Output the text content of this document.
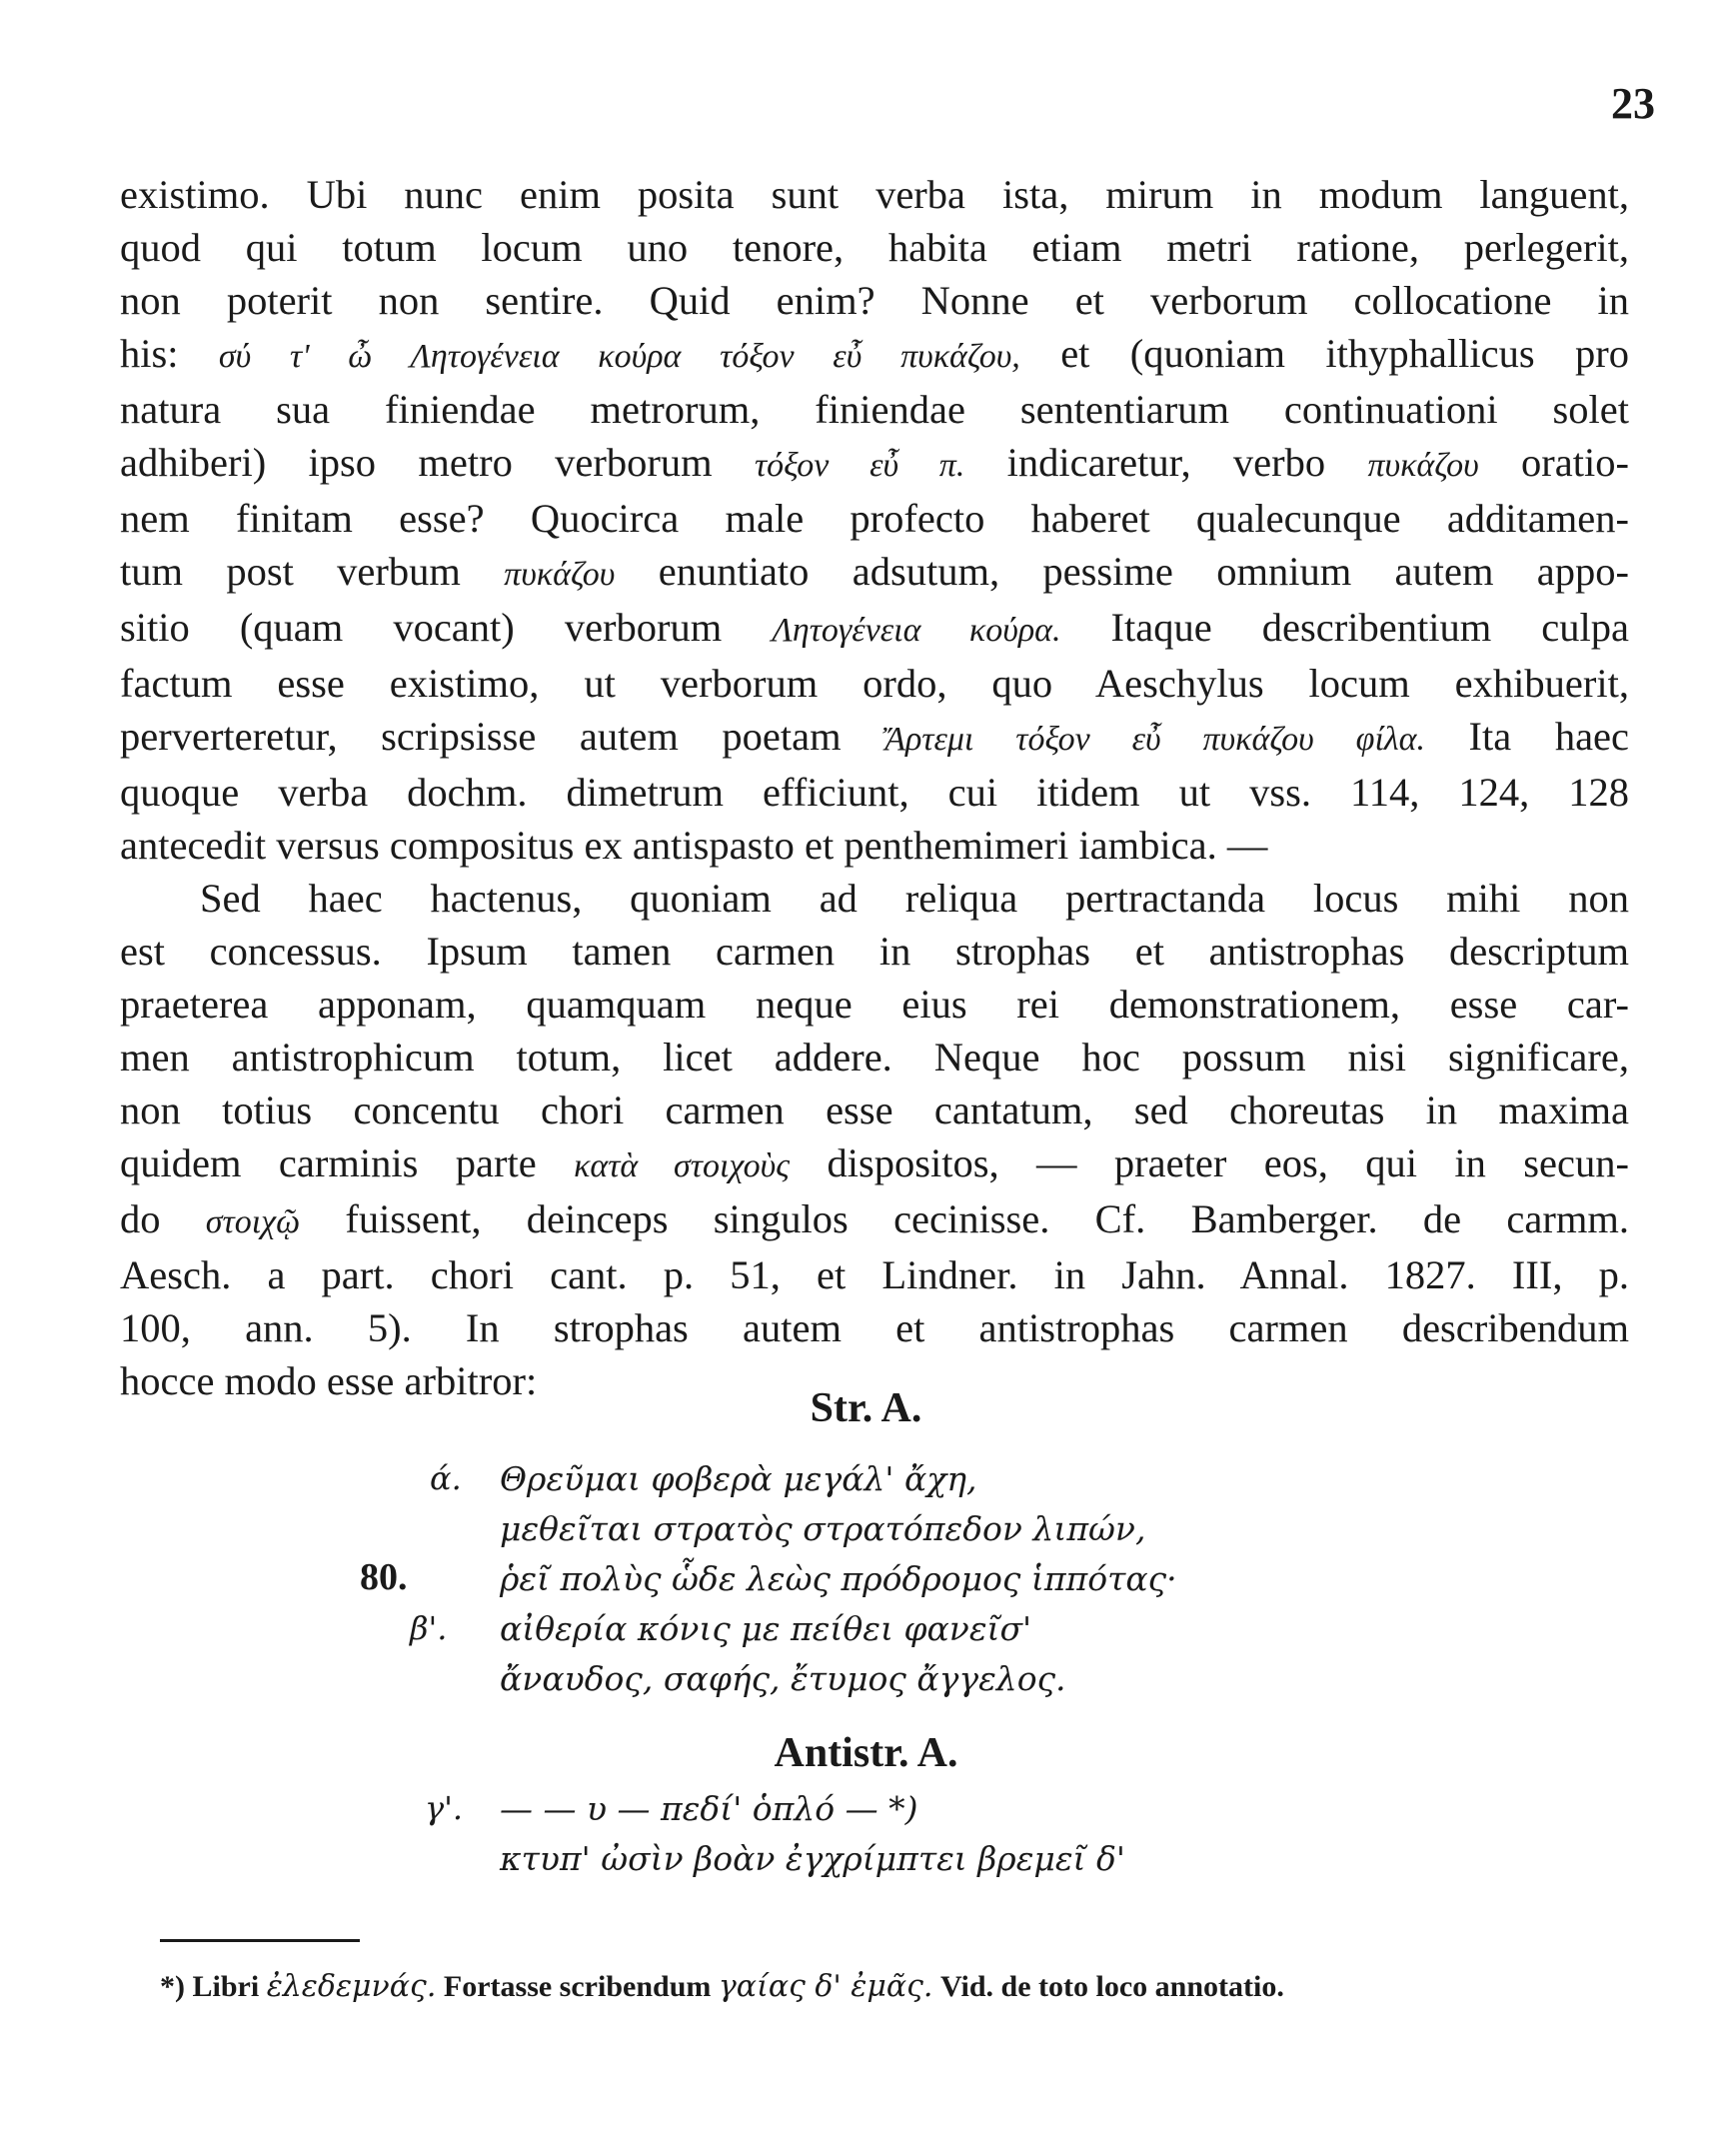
23

existimo. Ubi nunc enim posita sunt verba ista, mirum in modum languent,
quod qui totum locum uno tenore, habita etiam metri ratione, perlegerit,
non poterit non sentire. Quid enim? Nonne et verborum collocatione in
his: σύ τ' ὦ Λητογένεια κούρα τόξον εὖ πυκάζου, et (quoniam ithyphallicus pro
natura sua finiendae metrorum, finiendae sententiarum continuationi solet
adhiberi) ipso metro verborum τόξον εὖ π. indicaretur, verbo πυκάζου oratio-
nem finitam esse? Quocirca male profecto haberet qualecunque additamen-
tum post verbum πυκάζου enuntiato adsutum, pessime omnium autem appo-
sitio (quam vocant) verborum Λητογένεια κούρα. Itaque describentium culpa
factum esse existimo, ut verborum ordo, quo Aeschylus locum exhibuerit,
perverteretur, scripsisse autem poetam Ἄρτεμι τόξον εὖ πυκάζου φίλα. Ita haec
quoque verba dochm. dimetrum efficiunt, cui itidem ut vss. 114, 124, 128
antecedit versus compositus ex antispasto et penthemimeri iambica. —

Sed haec hactenus, quoniam ad reliqua pertractanda locus mihi non
est concessus. Ipsum tamen carmen in strophas et antistrophas descriptum
praeterea apponam, quamquam neque eius rei demonstrationem, esse car-
men antistrophicum totum, licet addere. Neque hoc possum nisi significare,
non totius concentu chori carmen esse cantatum, sed choreutas in maxima
quidem carminis parte κατὰ στοιχοὺς dispositos, — praeter eos, qui in secun-
do στοιχῷ fuissent, deinceps singulos cecinisse. Cf. Bamberger. de carmm.
Aesch. a part. chori cant. p. 51, et Lindner. in Jahn. Annal. 1827. III, p.
100, ann. 5). In strophas autem et antistrophas carmen describendum
hocce modo esse arbitror:

Str. A.
ά. Θρεῦμαι φοβερὰ μεγάλ' ἄχη,
μεθεῖται στρατὸς στρατόπεδον λιπών,
80.	ῥεῖ πολὺς ὧδε λεὼς πρόδρομος ἱππότας·
β'. αἰθερία κόνις με πείθει φανεῖσ'
ἄναυδος, σαφής, ἔτυμος ἄγγελος.
Antistr. A.
γ'. — — υ — πεδί' ὁπλό — *)
κτυπ' ὠσὶν βοὰν ἐγχρίμπτει βρεμεῖ δ'
*) Libri ἐλεδεμνάς. Fortasse scribendum γαίας δ' ἐμᾶς. Vid. de toto loco annotatio.
